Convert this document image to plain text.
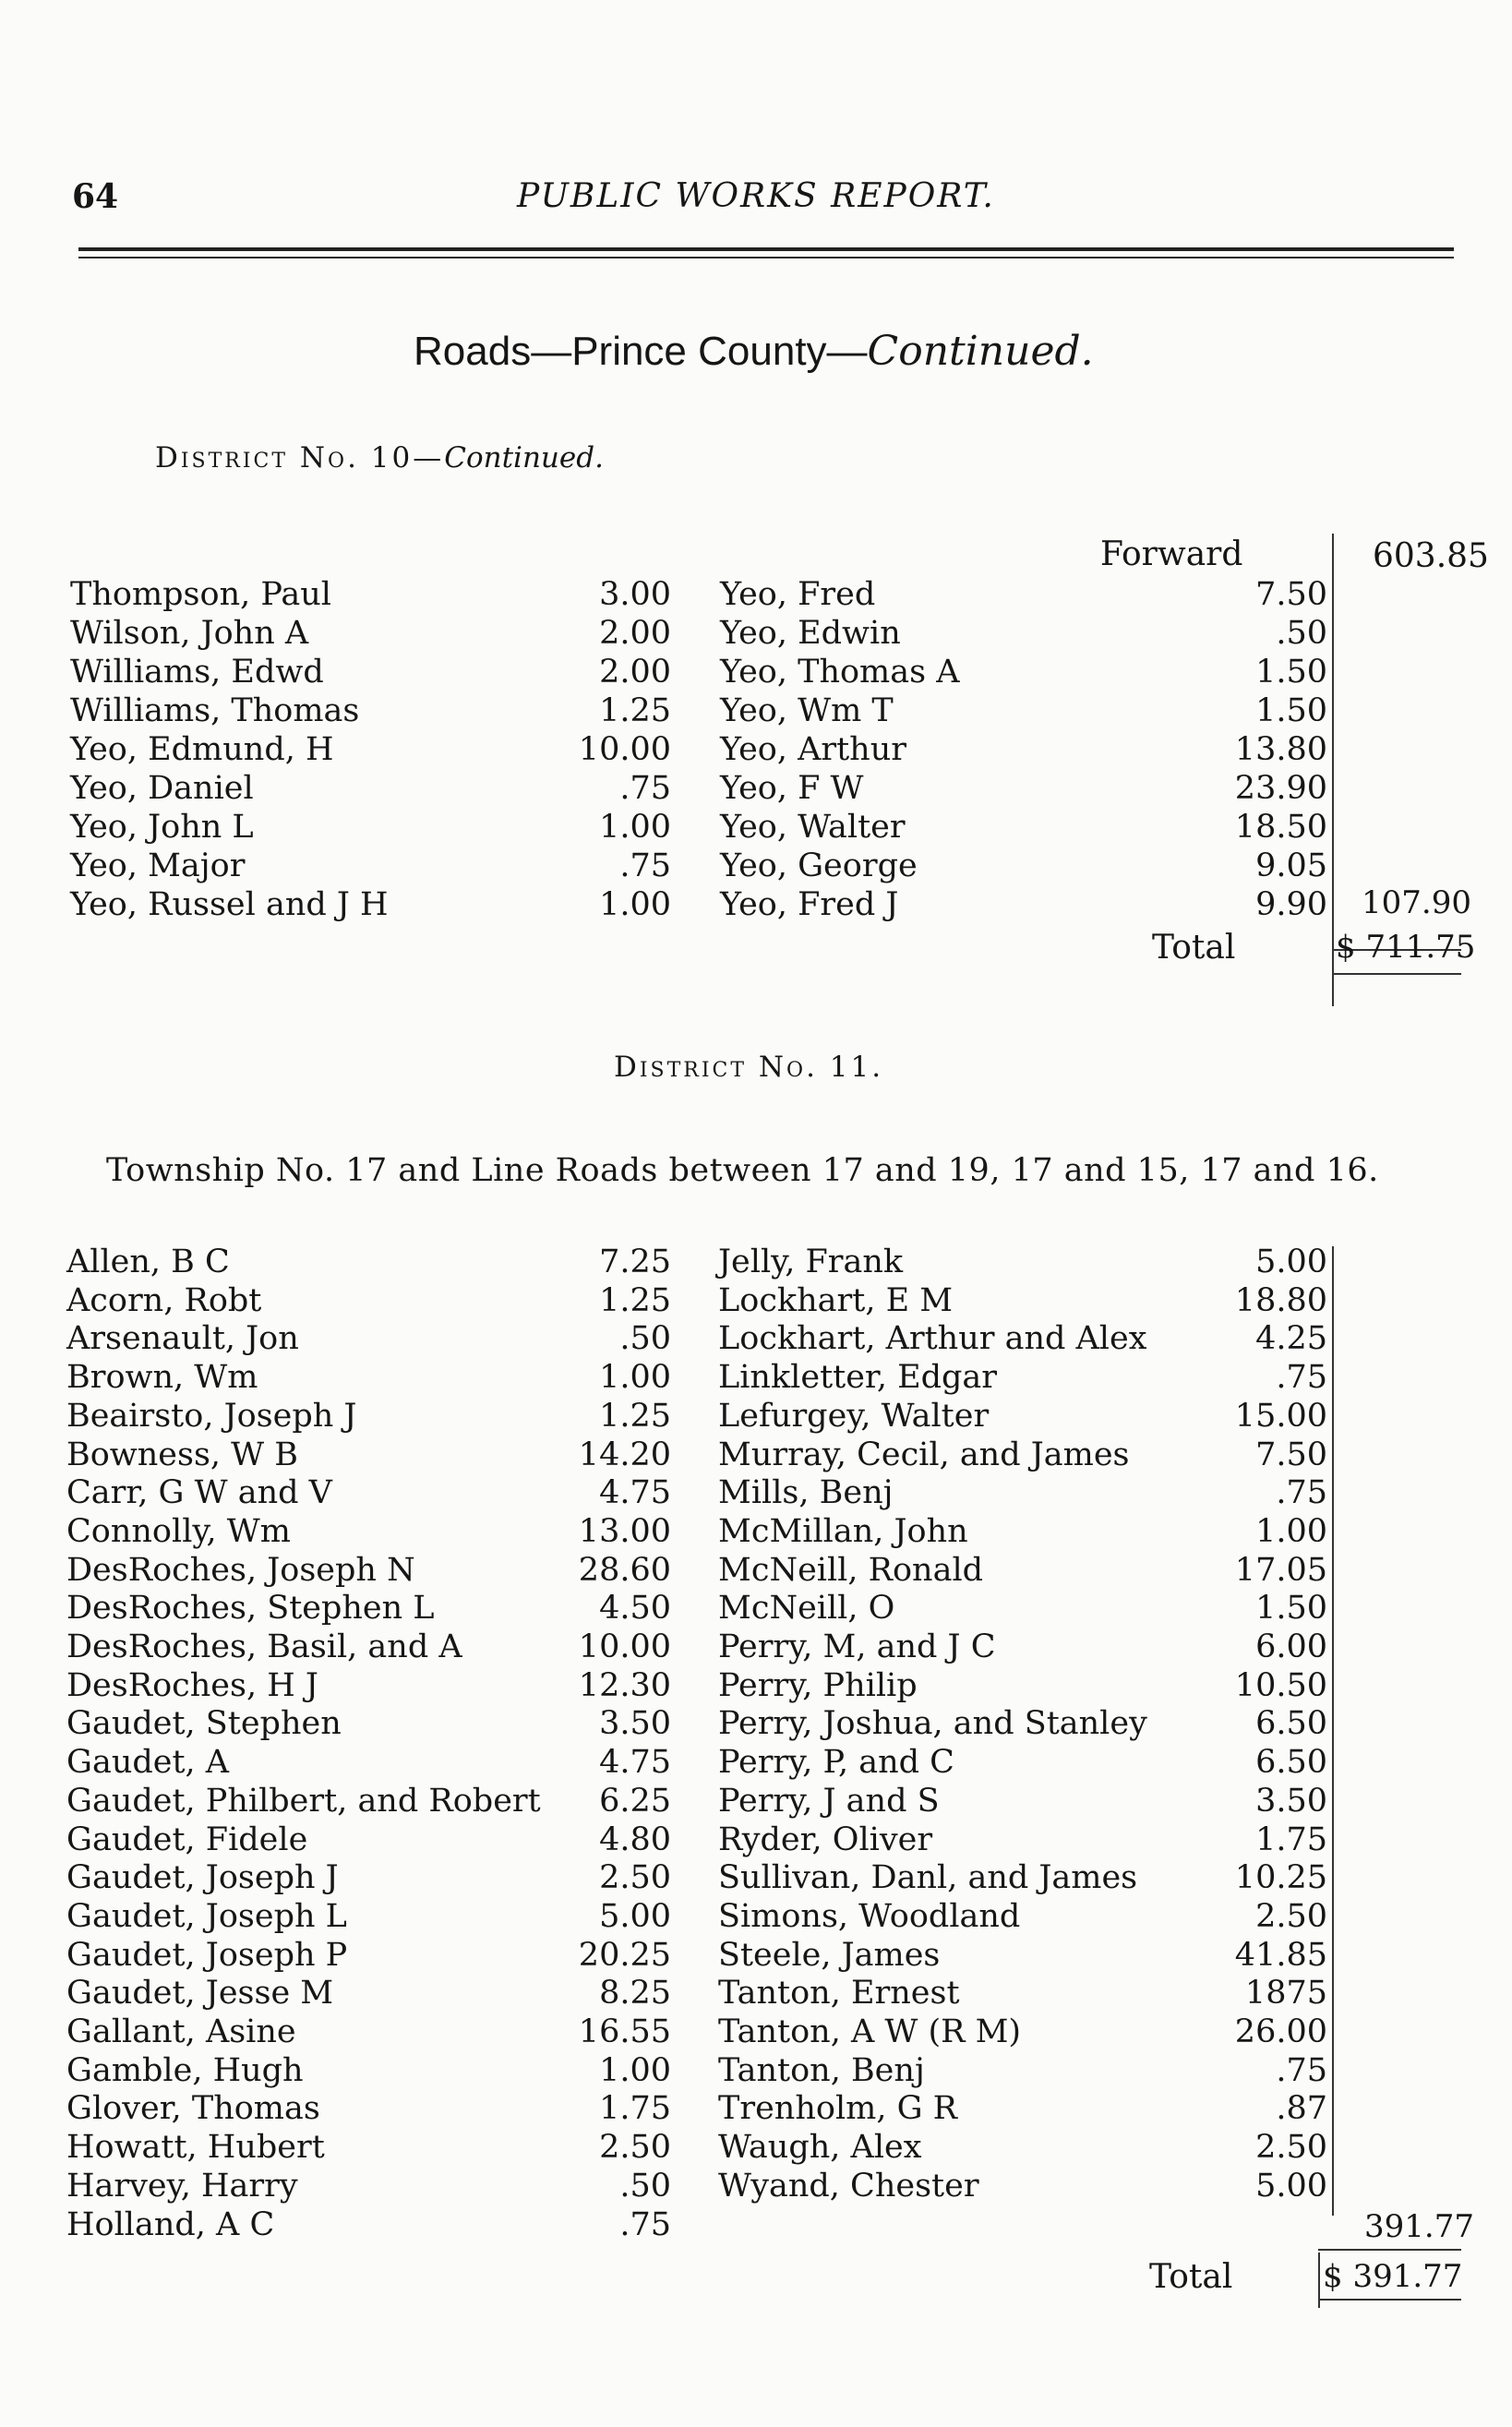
64	PUBLIC WORKS REPORT.
Roads—Prince County—Continued.
District No. 10—Continued.
Forward	603.85
Thompson, Paul	3.00
Wilson, John A	2.00
Williams, Edwd	2.00
Williams, Thomas	1.25
Yeo, Edmund, H	10.00
Yeo, Daniel	.75
Yeo, John L	1.00
Yeo, Major	.75
Yeo, Russel and J H	1.00
Yeo, Fred	7.50
Yeo, Edwin	.50
Yeo, Thomas A	1.50
Yeo, Wm T	1.50
Yeo, Arthur	13.80
Yeo, F W	23.90
Yeo, Walter	18.50
Yeo, George	9.05
Yeo, Fred J	9.90 107.90
Total	$ 711.75
District No. 11.
Township No. 17 and Line Roads between 17 and 19, 17 and 15, 17 and 16.
Allen, B C	7.25
Acorn, Robt	1.25
Arsenault, Jon	.50
Brown, Wm	1.00
Beairsto, Joseph J	1.25
Bowness, W B	14.20
Carr, G W and V	4.75
Connolly, Wm	13.00
DesRoches, Joseph N	28.60
DesRoches, Stephen L	4.50
DesRoches, Basil, and A	10.00
DesRoches, H J	12.30
Gaudet, Stephen	3.50
Gaudet, A	4.75
Gaudet, Philbert, and Robert	6.25
Gaudet, Fidele	4.80
Gaudet, Joseph J	2.50
Gaudet, Joseph L	5.00
Gaudet, Joseph P	20.25
Gaudet, Jesse M	8.25
Gallant, Asine	16.55
Gamble, Hugh	1.00
Glover, Thomas	1.75
Howatt, Hubert	2.50
Harvey, Harry	.50
Holland, A C	.75
Jelly, Frank	5.00
Lockhart, E M	18.80
Lockhart, Arthur and Alex	4.25
Linkletter, Edgar	.75
Lefurgey, Walter	15.00
Murray, Cecil, and James	7.50
Mills, Benj	.75
McMillan, John	1.00
McNeill, Ronald	17.05
McNeill, O	1.50
Perry, M, and J C	6.00
Perry, Philip	10.50
Perry, Joshua, and Stanley	6.50
Perry, P, and C	6.50
Perry, J and S	3.50
Ryder, Oliver	1.75
Sullivan, Danl, and James	10.25
Simons, Woodland	2.50
Steele, James	41.85
Tanton, Ernest	1875
Tanton, A W (R M)	26.00
Tanton, Benj	.75
Trenholm, G R	.87
Waugh, Alex	2.50
Wyand, Chester	5.00
391.77
Total	$ 391.77
